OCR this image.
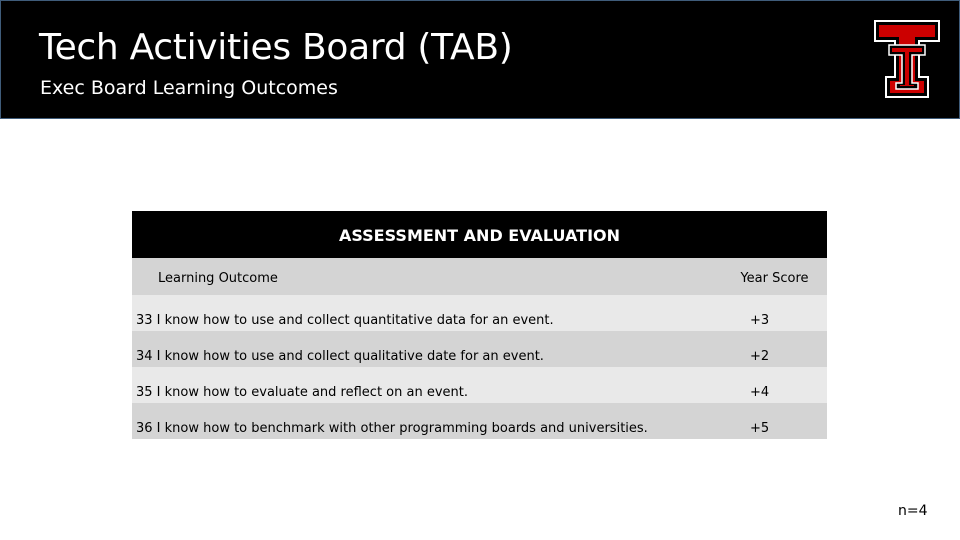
Tech Activities Board (TAB)
Exec Board Learning Outcomes
ASSESSMENT AND EVALUATION
Learning Outcome	Year Score
33 I know how to use and collect quantitative data for an event.	+3
34 I know how to use and collect qualitative date for an event.	+2
35 I know how to evaluate and reflect on an event.	+4
36 I know how to benchmark with other programming boards and universities.	+5
n=4
